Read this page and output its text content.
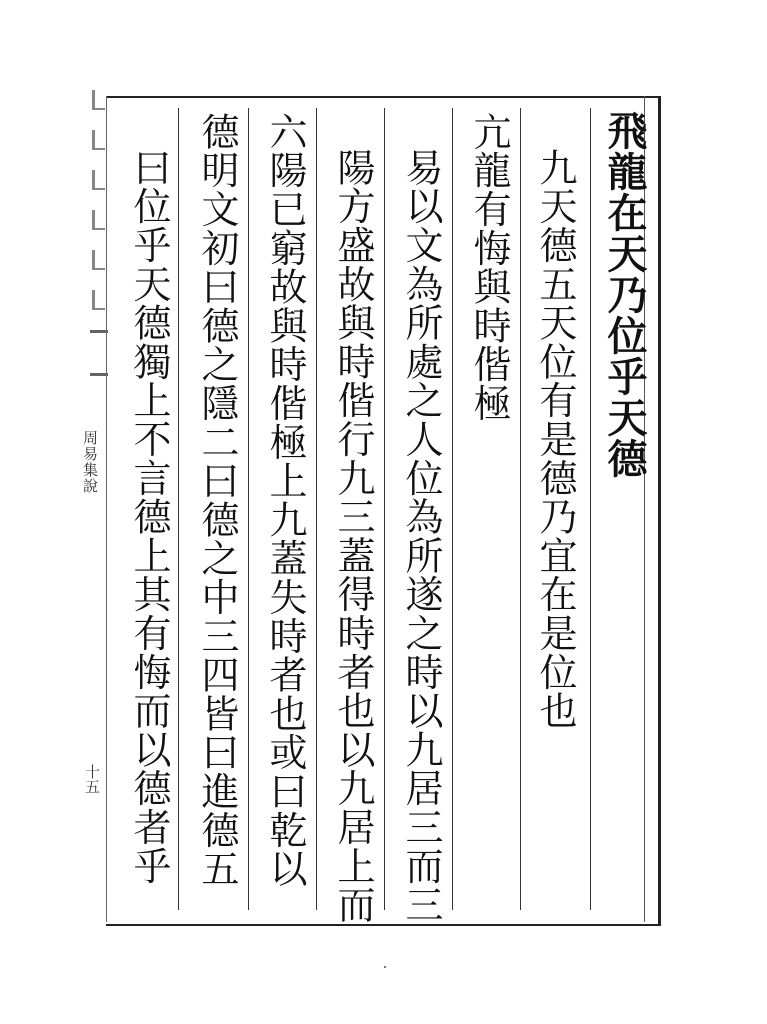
飛龍在天乃位乎天德
九天德五天位有是德乃宜在是位也
亢龍有悔與時偕極
易以文為所處之人位為所遂之時以九居三而三
陽方盛故與時偕行九三蓋得時者也以九居上而
六陽已窮故與時偕極上九蓋失時者也或曰乾以
德明文初曰德之隱二曰德之中三四皆曰進德五
曰位乎天德獨上不言德上其有悔而以德者乎
周易集說
十五
